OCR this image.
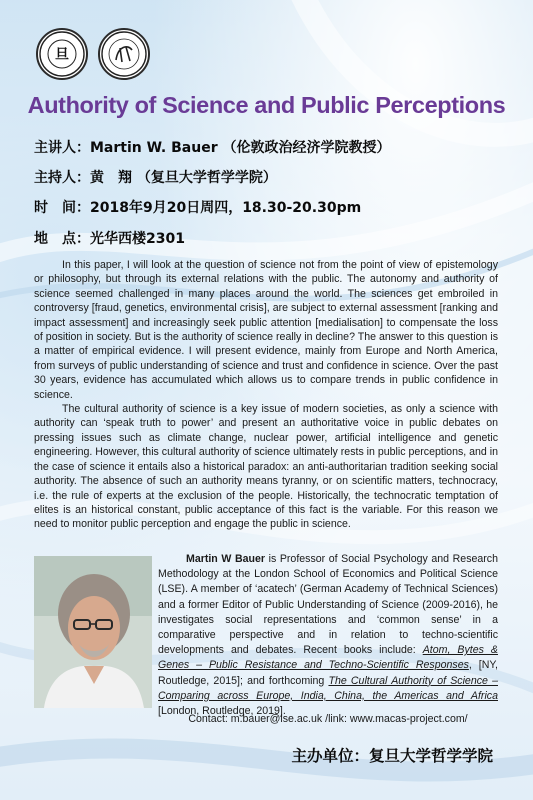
旦
Authority of Science and Public Perceptions
主讲人：Martin W. Bauer （伦敦政治经济学院教授）
主持人：黄　翔 （复旦大学哲学学院）
时　间：2018年9月20日周四，18.30-20.30pm
地　点：光华西楼2301

In this paper, I will look at the question of science not from the point of view of epistemology or philosophy, but through its external relations with the public. The autonomy and authority of science seemed challenged in many places around the world. The sciences get embroiled in controversy [fraud, genetics, environmental crisis], are subject to external assessment [ranking and impact assessment] and increasingly seek public attention [medialisation] to compensate the loss of position in society. But is the authority of science really in decline? The answer to this question is a matter of empirical evidence. I will present evidence, mainly from Europe and North America, from surveys of public understanding of science and trust and confidence in science. Over the past 30 years, evidence has accumulated which allows us to compare trends in public confidence in science.

The cultural authority of science is a key issue of modern societies, as only a science with authority can ‘speak truth to power’ and present an authoritative voice in public debates on pressing issues such as climate change, nuclear power, artificial intelligence and genetic engineering. However, this cultural authority of science ultimately rests in public perceptions, and in the case of science it entails also a historical paradox: an anti-authoritarian tradition seeking social authority. The absence of such an authority means tyranny, or on scientific matters, technocracy, i.e. the rule of experts at the exclusion of the people. Historically, the technocratic temptation of elites is an historical constant, public acceptance of this fact is the variable. For this reason we need to monitor public perception and engage the public in science.

Martin W Bauer is Professor of Social Psychology and Research Methodology at the London School of Economics and Political Science (LSE). A member of ‘acatech’ (German Academy of Technical Sciences) and a former Editor of Public Understanding of Science (2009-2016), he investigates social representations and ‘common sense’ in a comparative perspective and in relation to techno-scientific developments and debates. Recent books include: Atom, Bytes & Genes – Public Resistance and Techno-Scientific Responses, [NY, Routledge, 2015]; and forthcoming The Cultural Authority of Science – Comparing across Europe, India, China, the Americas and Africa [London, Routledge, 2019].

Contact: m.bauer@lse.ac.uk /link: www.macas-project.com/
主办单位：复旦大学哲学学院
